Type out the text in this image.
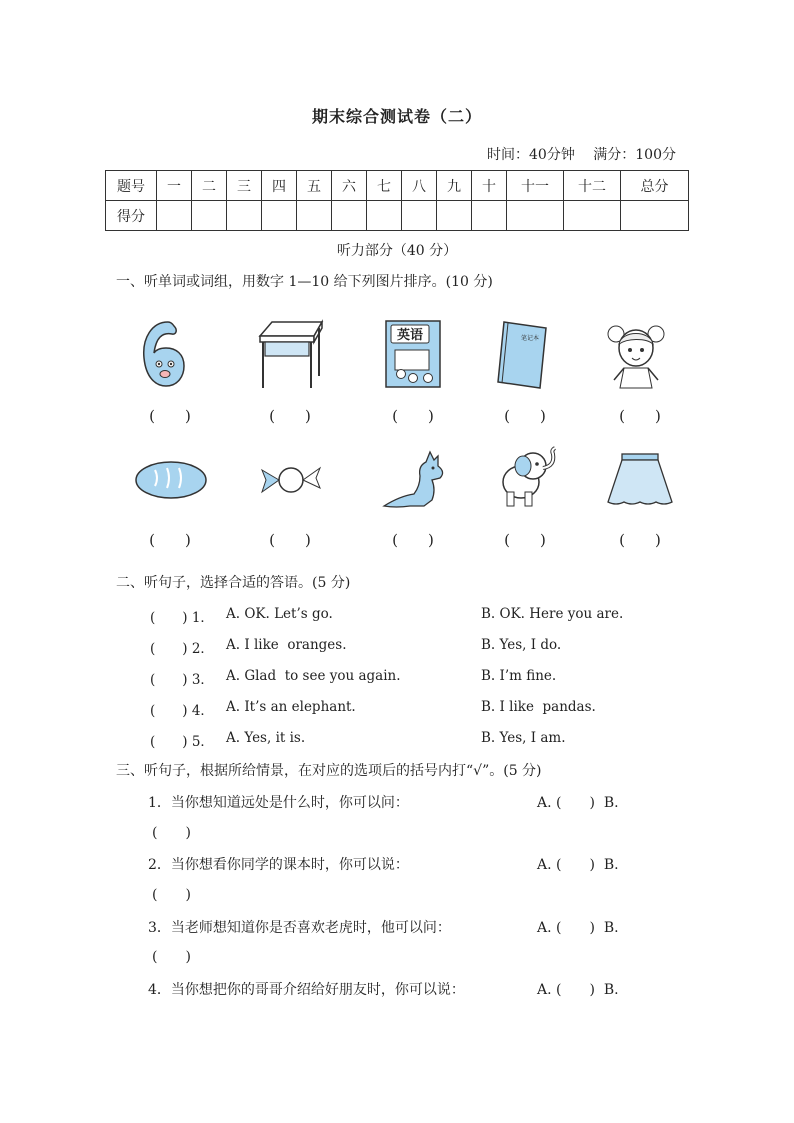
期末综合测试卷（二）
时间：40分钟　 满分：100分
题号	一	二	三	四	五	六	七	八	九	十	十一	十二	总分
得分													
听力部分（40 分）
一、听单词或词组，用数字 1—10 给下列图片排序。(10 分)
英语	笔记本
(　　)	(　　)	(　　)	(　　)	(　　)
(　　)	(　　)	(　　)	(　　)	(　　)
二、听句子，选择合适的答语。(5 分)
(　　) 1． A. OK. Let’s go.	B. OK. Here you are.
(　　) 2． A. I like  oranges.	B. Yes, I do.
(　　) 3． A. Glad  to see you again.	B. I’m fine.
(　　) 4． A. It’s an elephant.	B. I like  pandas.
(　　) 5． A. Yes, it is.	B. Yes, I am.
三、听句子，根据所给情景，在对应的选项后的括号内打“√”。(5 分)
1．当你想知道远处是什么时，你可以问：	A. (　　)  B.
(　　)
2．当你想看你同学的课本时，你可以说：	A. (　　)  B.
(　　)
3．当老师想知道你是否喜欢老虎时，他可以问：	A. (　　)  B.
(　　)
4．当你想把你的哥哥介绍给好朋友时，你可以说：	A. (　　)  B.
